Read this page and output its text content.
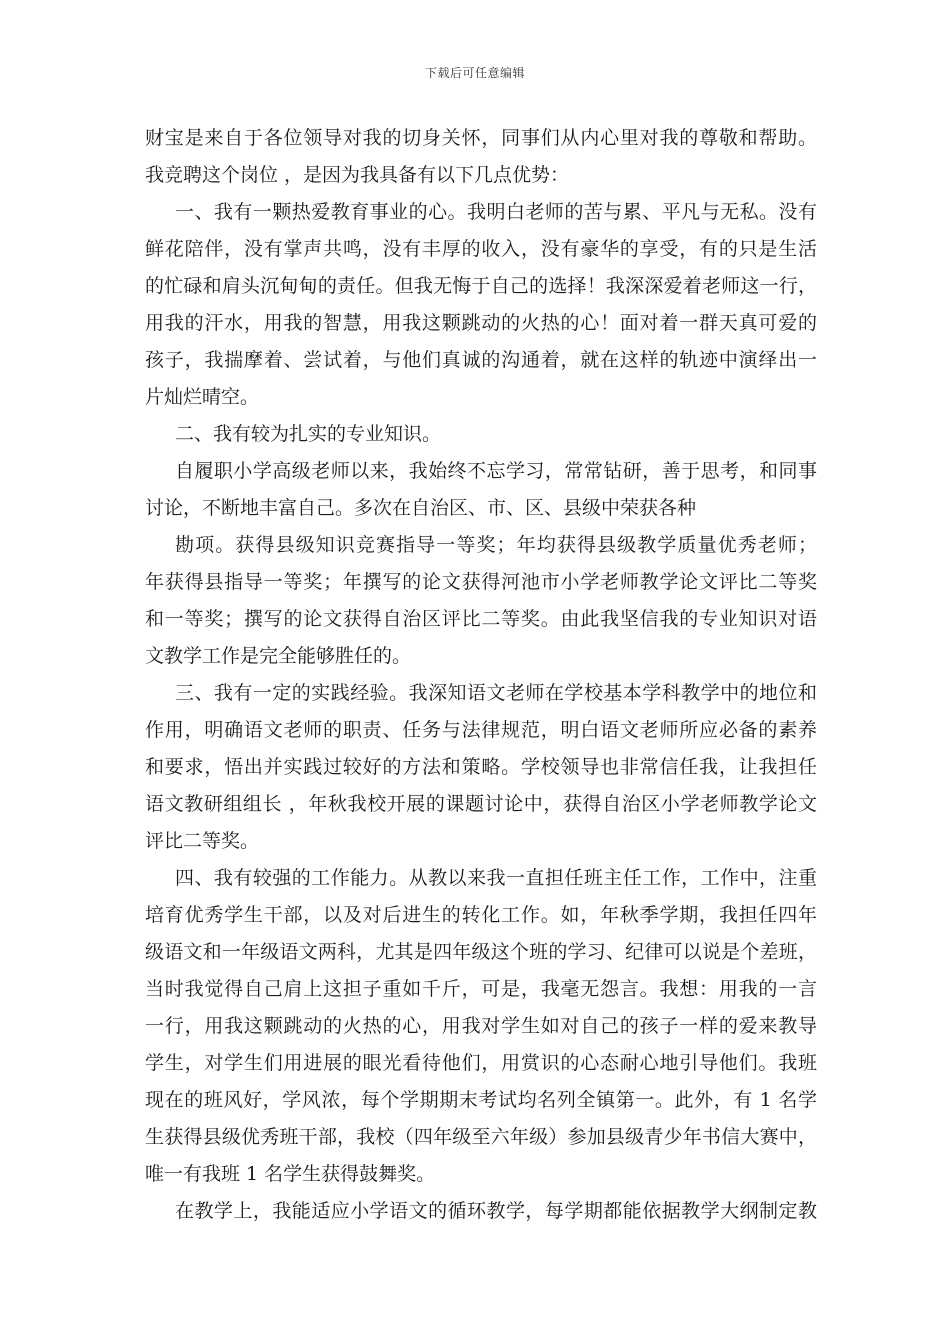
下载后可任意编辑
财宝是来自于各位领导对我的切身关怀，同事们从内心里对我的尊敬和帮助。
我竞聘这个岗位 ，是因为我具备有以下几点优势：
一、我有一颗热爱教育事业的心。我明白老师的苦与累、平凡与无私。没有
鲜花陪伴，没有掌声共鸣，没有丰厚的收入，没有豪华的享受，有的只是生活
的忙碌和肩头沉甸甸的责任。但我无悔于自己的选择！我深深爱着老师这一行，
用我的汗水，用我的智慧，用我这颗跳动的火热的心！面对着一群天真可爱的
孩子，我揣摩着、尝试着，与他们真诚的沟通着，就在这样的轨迹中演绎出一
片灿烂晴空。
二、我有较为扎实的专业知识。
自履职小学高级老师以来，我始终不忘学习，常常钻研，善于思考，和同事
讨论，不断地丰富自己。多次在自治区、市、区、县级中荣获各种
勘项。获得县级知识竞赛指导一等奖；年均获得县级教学质量优秀老师；
年获得县指导一等奖；年撰写的论文获得河池市小学老师教学论文评比二等奖
和一等奖；撰写的论文获得自治区评比二等奖。由此我坚信我的专业知识对语
文教学工作是完全能够胜任的。
三、我有一定的实践经验。我深知语文老师在学校基本学科教学中的地位和
作用，明确语文老师的职责、任务与法律规范，明白语文老师所应必备的素养
和要求，悟出并实践过较好的方法和策略。学校领导也非常信任我，让我担任
语文教研组组长 ，年秋我校开展的课题讨论中，获得自治区小学老师教学论文
评比二等奖。
四、我有较强的工作能力。从教以来我一直担任班主任工作，工作中，注重
培育优秀学生干部，以及对后进生的转化工作。如，年秋季学期，我担任四年
级语文和一年级语文两科，尤其是四年级这个班的学习、纪律可以说是个差班，
当时我觉得自己肩上这担子重如千斤，可是，我毫无怨言。我想：用我的一言
一行，用我这颗跳动的火热的心，用我对学生如对自己的孩子一样的爱来教导
学生，对学生们用进展的眼光看待他们，用赏识的心态耐心地引导他们。我班
现在的班风好，学风浓，每个学期期末考试均名列全镇第一。此外，有 1 名学
生获得县级优秀班干部，我校（四年级至六年级）参加县级青少年书信大赛中，
唯一有我班 1 名学生获得鼓舞奖。
在教学上，我能适应小学语文的循环教学，每学期都能依据教学大纲制定教
